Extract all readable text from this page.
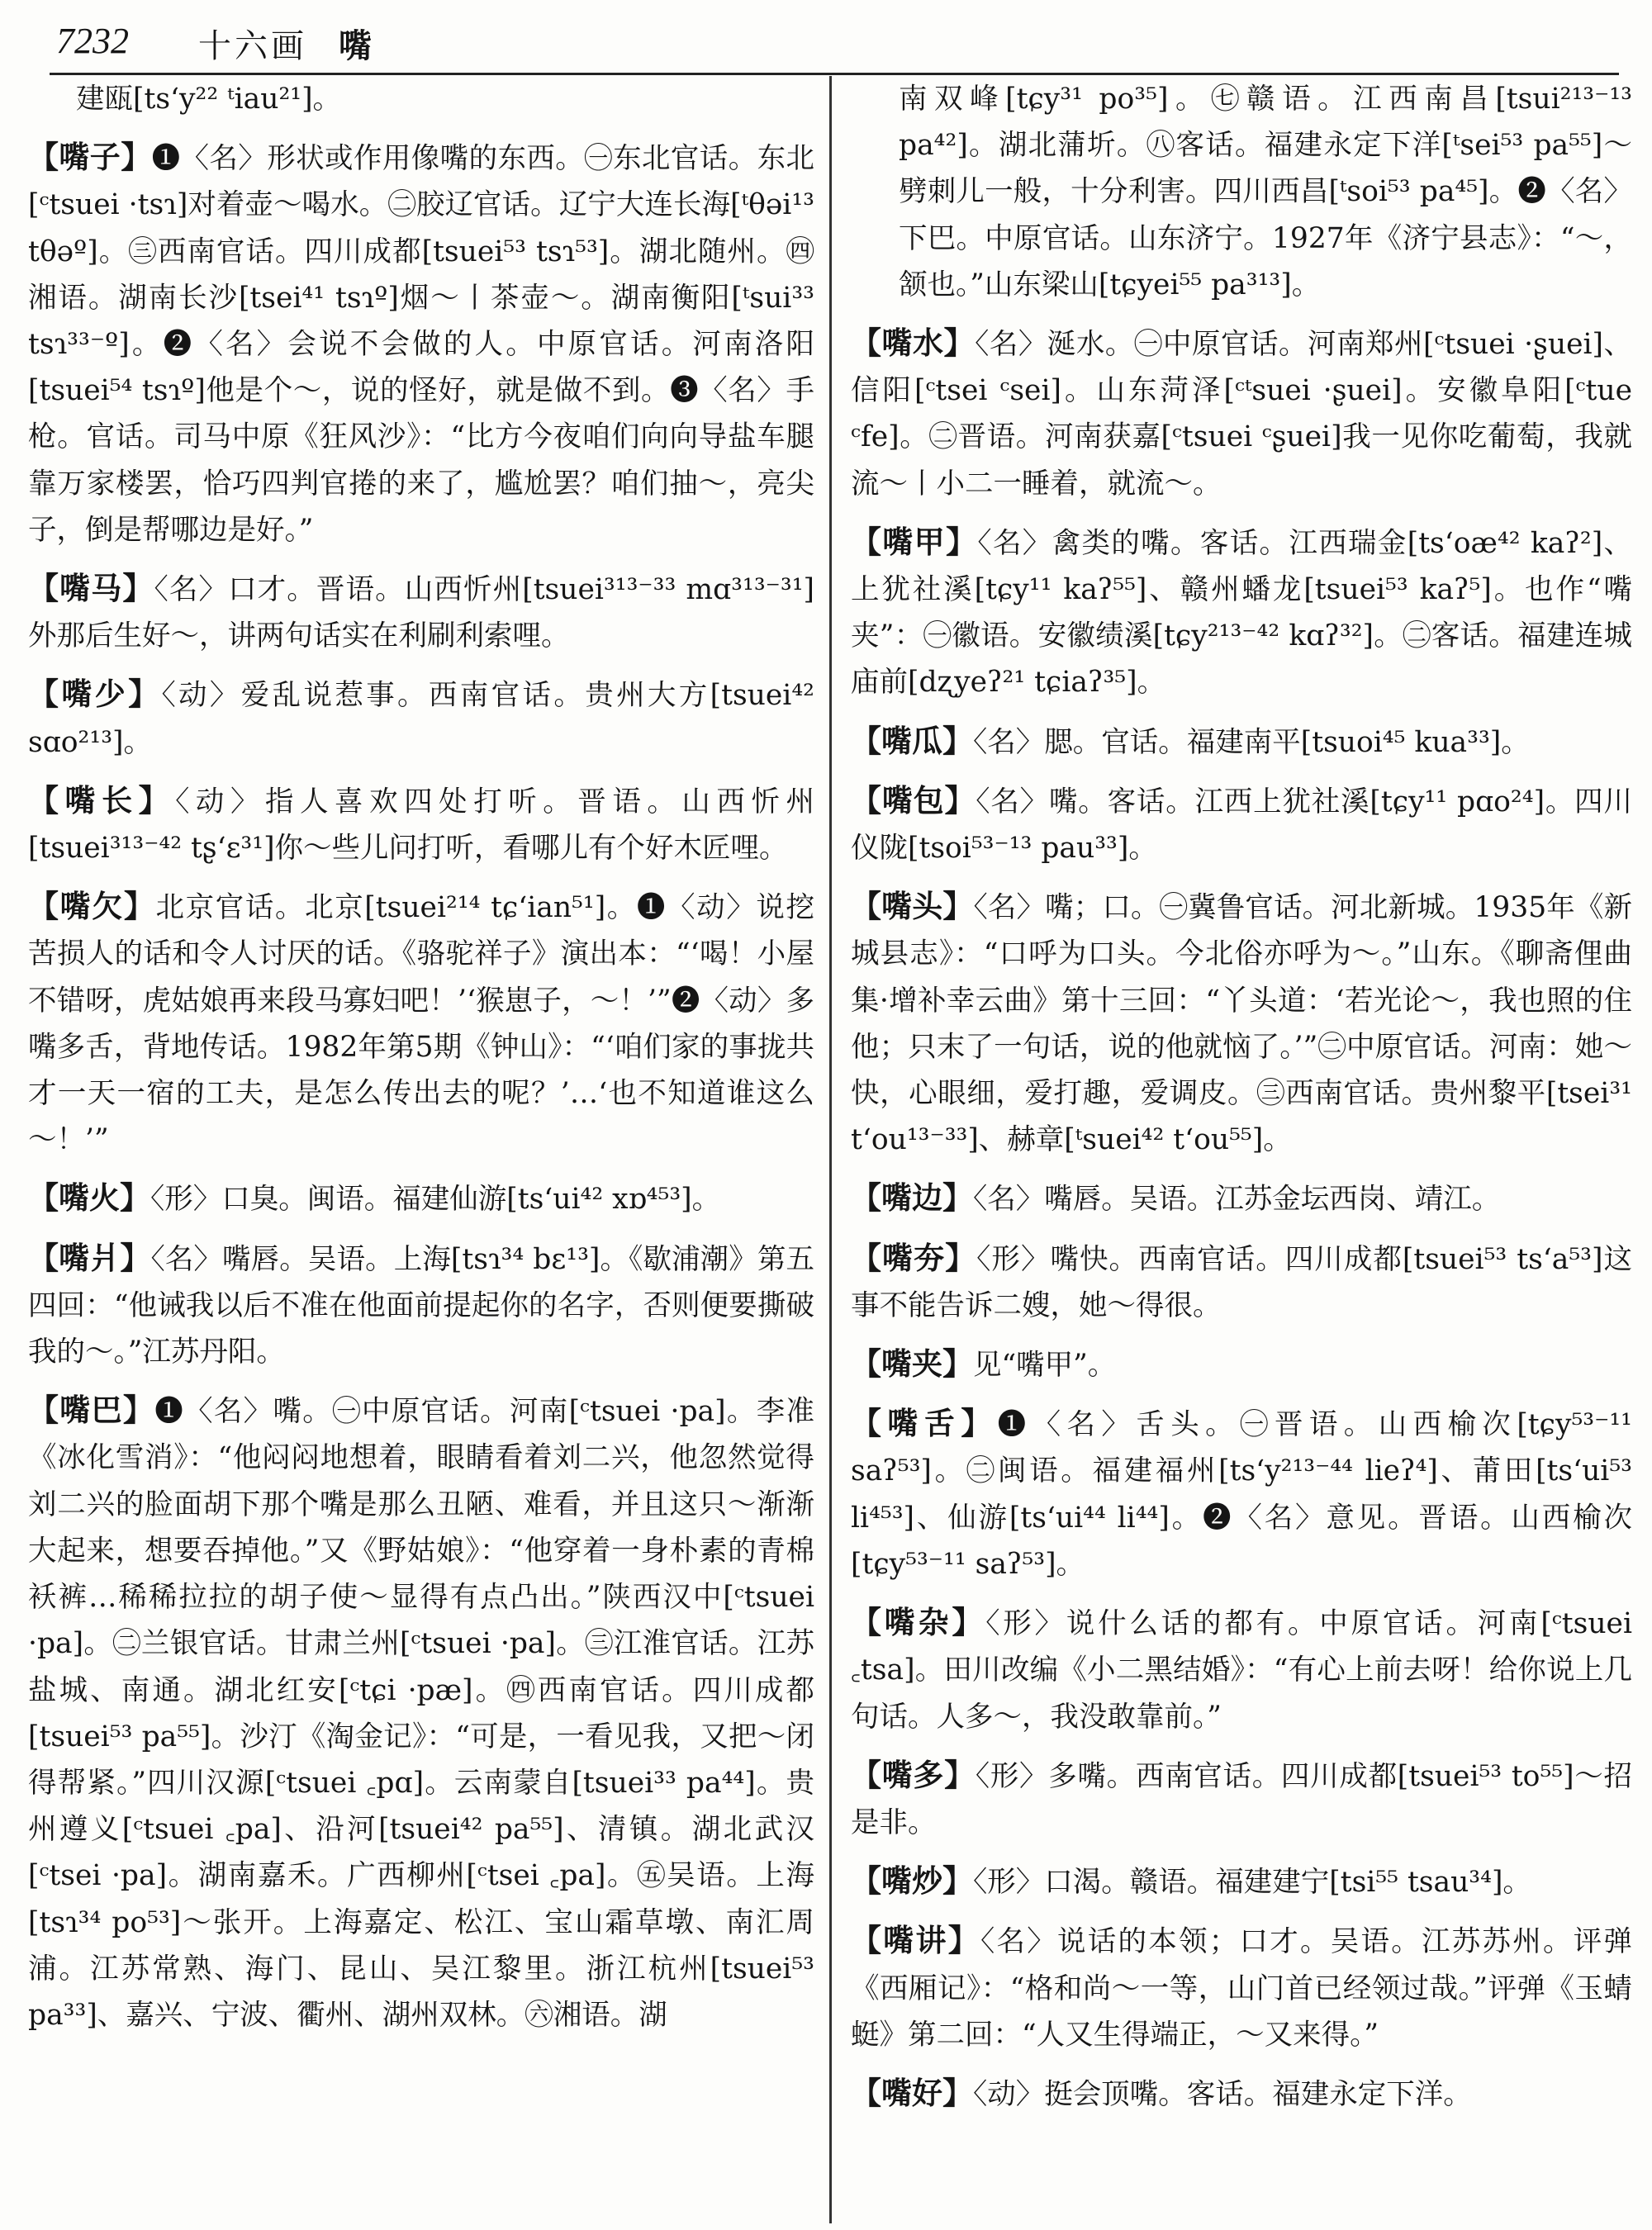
7232 十六画 嘴

建瓯[tsʻy²² ᵗiau²¹]。

【嘴子】❶〈名〉形状或作用像嘴的东西。㊀东北官话。东北[ᶜtsuei ·tsɿ]对着壶～喝水。㊁胶辽官话。辽宁大连长海[ᵗθəi¹³ tθəº]。㊂西南官话。四川成都[tsuei⁵³ tsɿ⁵³]。湖北随州。㊃湘语。湖南长沙[tsei⁴¹ tsɿº]烟～丨茶壶～。湖南衡阳[ᵗsui³³ tsɿ³³⁻º]。❷〈名〉会说不会做的人。中原官话。河南洛阳[tsuei⁵⁴ tsɿº]他是个～，说的怪好，就是做不到。❸〈名〉手枪。官话。司马中原《狂风沙》：“比方今夜咱们向向导盐车腿靠万家楼罢，恰巧四判官捲的来了，尴尬罢？咱们抽～，亮尖子，倒是帮哪边是好。”

【嘴马】〈名〉口才。晋语。山西忻州[tsuei³¹³⁻³³ mɑ³¹³⁻³¹]外那后生好～，讲两句话实在利刷利索哩。

【嘴少】〈动〉爱乱说惹事。西南官话。贵州大方[tsuei⁴² sɑo²¹³]。

【嘴长】〈动〉指人喜欢四处打听。晋语。山西忻州[tsuei³¹³⁻⁴² tʂʻɛ³¹]你～些儿问打听，看哪儿有个好木匠哩。

【嘴欠】北京官话。北京[tsuei²¹⁴ tɕʻian⁵¹]。❶〈动〉说挖苦损人的话和令人讨厌的话。《骆驼祥子》演出本：“‘喝！小屋不错呀，虎姑娘再来段马寡妇吧！’‘猴崽子，～！’”❷〈动〉多嘴多舌，背地传话。1982年第5期《钟山》：“‘咱们家的事拢共才一天一宿的工夫，是怎么传出去的呢？’…‘也不知道谁这么～！’”

【嘴火】〈形〉口臭。闽语。福建仙游[tsʻui⁴² xɒ⁴⁵³]。

【嘴爿】〈名〉嘴唇。吴语。上海[tsɿ³⁴ bɛ¹³]。《歇浦潮》第五四回：“他诫我以后不准在他面前提起你的名字，否则便要撕破我的～。”江苏丹阳。

【嘴巴】❶〈名〉嘴。㊀中原官话。河南[ᶜtsuei ·pa]。李准《冰化雪消》：“他闷闷地想着，眼睛看着刘二兴，他忽然觉得刘二兴的脸面胡下那个嘴是那么丑陋、难看，并且这只～渐渐大起来，想要吞掉他。”又《野姑娘》：“他穿着一身朴素的青棉袄裤…稀稀拉拉的胡子使～显得有点凸出。”陕西汉中[ᶜtsuei ·pa]。㊁兰银官话。甘肃兰州[ᶜtsuei ·pa]。㊂江淮官话。江苏盐城、南通。湖北红安[ᶜtɕi ·pæ]。㊃西南官话。四川成都[tsuei⁵³ pa⁵⁵]。沙汀《淘金记》：“可是，一看见我，又把～闭得帮紧。”四川汉源[ᶜtsuei ꜀pɑ]。云南蒙自[tsuei³³ pa⁴⁴]。贵州遵义[ᶜtsuei ꜀pa]、沿河[tsuei⁴² pa⁵⁵]、清镇。湖北武汉[ᶜtsei ·pa]。湖南嘉禾。广西柳州[ᶜtsei ꜀pa]。㊄吴语。上海[tsɿ³⁴ po⁵³]～张开。上海嘉定、松江、宝山霜草墩、南汇周浦。江苏常熟、海门、昆山、吴江黎里。浙江杭州[tsuei⁵³ pa³³]、嘉兴、宁波、衢州、湖州双林。㊅湘语。湖

南双峰[tɕy³¹ po³⁵]。㊆赣语。江西南昌[tsui²¹³⁻¹³ pa⁴²]。湖北蒲圻。㊇客话。福建永定下洋[ᵗsei⁵³ pa⁵⁵]～劈刺儿一般，十分利害。四川西昌[ᵗsoi⁵³ pa⁴⁵]。❷〈名〉下巴。中原官话。山东济宁。1927年《济宁县志》：“～，颔也。”山东梁山[tɕyei⁵⁵ pa³¹³]。

【嘴水】〈名〉涎水。㊀中原官话。河南郑州[ᶜtsuei ·ʂuei]、信阳[ᶜtsei ᶜsei]。山东菏泽[ᶜᵗsuei ·ʂuei]。安徽阜阳[ᶜtue ᶜfe]。㊁晋语。河南获嘉[ᶜtsuei ᶜʂuei]我一见你吃葡萄，我就流～丨小二一睡着，就流～。

【嘴甲】〈名〉禽类的嘴。客话。江西瑞金[tsʻoæ⁴² kaʔ²]、上犹社溪[tɕy¹¹ kaʔ⁵⁵]、赣州蟠龙[tsuei⁵³ kaʔ⁵]。也作“嘴夹”：㊀徽语。安徽绩溪[tɕy²¹³⁻⁴² kɑʔ³²]。㊁客话。福建连城庙前[dʐyeʔ²¹ tɕiaʔ³⁵]。

【嘴瓜】〈名〉腮。官话。福建南平[tsuoi⁴⁵ kua³³]。

【嘴包】〈名〉嘴。客话。江西上犹社溪[tɕy¹¹ pɑo²⁴]。四川仪陇[tsoi⁵³⁻¹³ pau³³]。

【嘴头】〈名〉嘴；口。㊀冀鲁官话。河北新城。1935年《新城县志》：“口呼为口头。今北俗亦呼为～。”山东。《聊斋俚曲集·增补幸云曲》第十三回：“丫头道：‘若光论～，我也照的住他；只末了一句话，说的他就恼了。’”㊁中原官话。河南：她～快，心眼细，爱打趣，爱调皮。㊂西南官话。贵州黎平[tsei³¹ tʻou¹³⁻³³]、赫章[ᵗsuei⁴² tʻou⁵⁵]。

【嘴边】〈名〉嘴唇。吴语。江苏金坛西岗、靖江。

【嘴夯】〈形〉嘴快。西南官话。四川成都[tsuei⁵³ tsʻa⁵³]这事不能告诉二嫂，她～得很。

【嘴夹】见“嘴甲”。

【嘴舌】❶〈名〉舌头。㊀晋语。山西榆次[tɕy⁵³⁻¹¹ saʔ⁵³]。㊁闽语。福建福州[tsʻy²¹³⁻⁴⁴ lieʔ⁴]、莆田[tsʻui⁵³ li⁴⁵³]、仙游[tsʻui⁴⁴ li⁴⁴]。❷〈名〉意见。晋语。山西榆次[tɕy⁵³⁻¹¹ saʔ⁵³]。

【嘴杂】〈形〉说什么话的都有。中原官话。河南[ᶜtsuei ꜀tsa]。田川改编《小二黑结婚》：“有心上前去呀！给你说上几句话。人多～，我没敢靠前。”

【嘴多】〈形〉多嘴。西南官话。四川成都[tsuei⁵³ to⁵⁵]～招是非。

【嘴炒】〈形〉口渴。赣语。福建建宁[tsi⁵⁵ tsau³⁴]。

【嘴讲】〈名〉说话的本领；口才。吴语。江苏苏州。评弹《西厢记》：“格和尚～一等，山门首已经领过哉。”评弹《玉蜻蜓》第二回：“人又生得端正，～又来得。”

【嘴好】〈动〉挺会顶嘴。客话。福建永定下洋。
